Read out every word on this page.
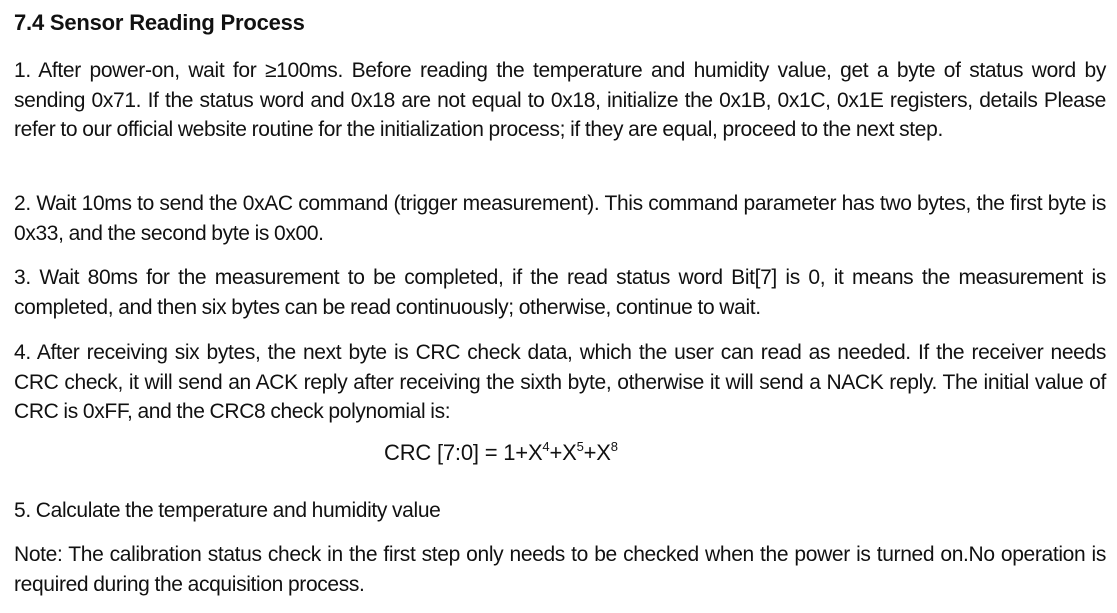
7.4 Sensor Reading Process
1. After power-on, wait for ≥100ms. Before reading the temperature and humidity value, get a byte of status word by sending 0x71. If the status word and 0x18 are not equal to 0x18, initialize the 0x1B, 0x1C, 0x1E registers, details Please refer to our official website routine for the initialization process; if they are equal, proceed to the next step.
2. Wait 10ms to send the 0xAC command (trigger measurement). This command parameter has two bytes, the first byte is 0x33, and the second byte is 0x00.
3. Wait 80ms for the measurement to be completed, if the read status word Bit[7] is 0, it means the measurement is completed, and then six bytes can be read continuously; otherwise, continue to wait.
4. After receiving six bytes, the next byte is CRC check data, which the user can read as needed. If the receiver needs CRC check, it will send an ACK reply after receiving the sixth byte, otherwise it will send a NACK reply. The initial value of CRC is 0xFF, and the CRC8 check polynomial is:
CRC [7:0] = $1+X^4+X^5+X^8$
5. Calculate the temperature and humidity value
Note: The calibration status check in the first step only needs to be checked when the power is turned on.No operation is required during the acquisition process.
